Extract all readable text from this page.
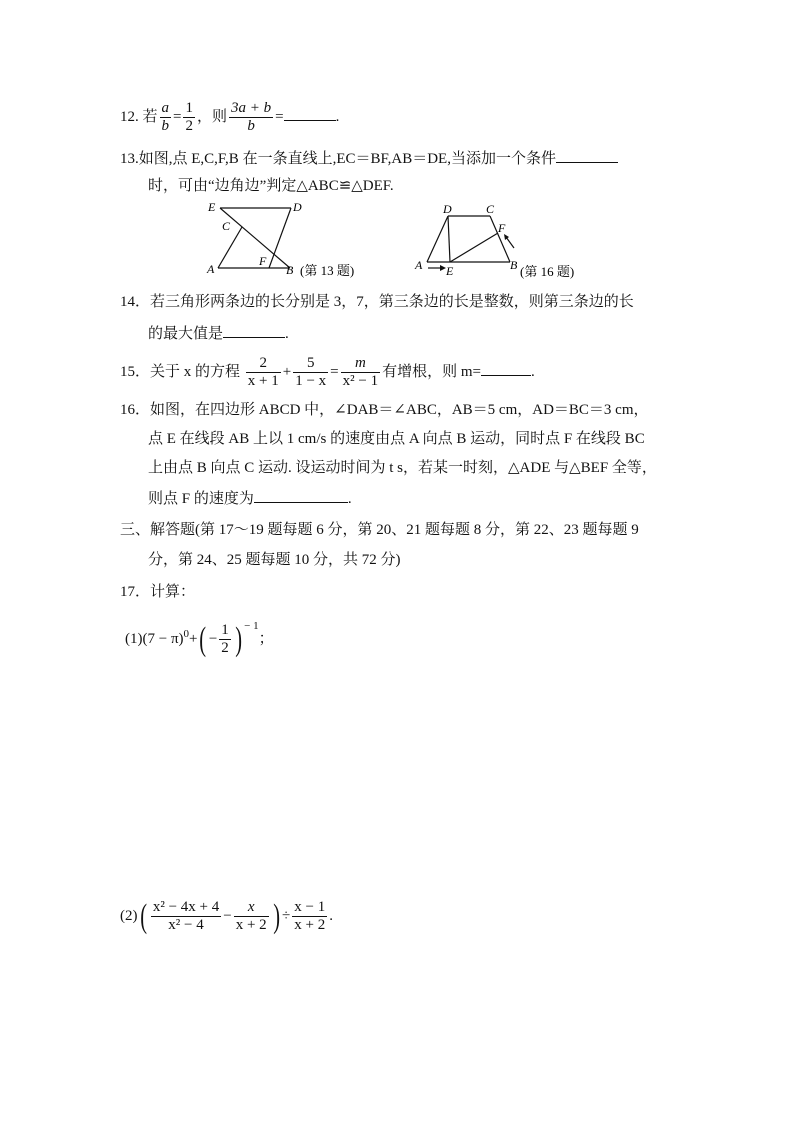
12. 若 $\frac{a}{b} = \frac{1}{2}$ ，则 $\frac{3a + b}{b}$ =	.
13.如图,点 E,C,F,B 在一条直线上,EC＝BF,AB＝DE,当添加一个条件
时，可由“边角边”判定△ABC≌△DEF.
E	D
C
F
A	B (第 13 题)
D	C
F
A E	B (第 16 题)
14．若三角形两条边的长分别是 3，7，第三条边的长是整数，则第三条边的长
的最大值是	.
15．关于 x 的方程 $\frac{2}{x + 1} + \frac{5}{1 - x} = \frac{m}{\text{x² − 1}}$ 有增根，则 m=	.
16．如图，在四边形 ABCD 中，∠DAB＝∠ABC，AB＝5 cm，AD＝BC＝3 cm，
点 E 在线段 AB 上以 1 cm/s 的速度由点 A 向点 B 运动，同时点 F 在线段 BC
上由点 B 向点 C 运动. 设运动时间为 t s，若某一时刻，△ADE 与△BEF 全等，
则点 F 的速度为	.
三、解答题(第 17～19 题每题 6 分，第 20、21 题每题 8 分，第 22、23 题每题 9
分，第 24、25 题每题 10 分，共 72 分)
17．计算：
$(1)(7 - \pi)^0+( - \frac{1}{2}$ ) $^{- 1}$；
$(2)( \frac{\text{x² − 4x + 4}}{\text{x² − 4}} - \frac{x}{x + 2}$ ) ÷ $\frac{x - 1}{x + 2}$ .
